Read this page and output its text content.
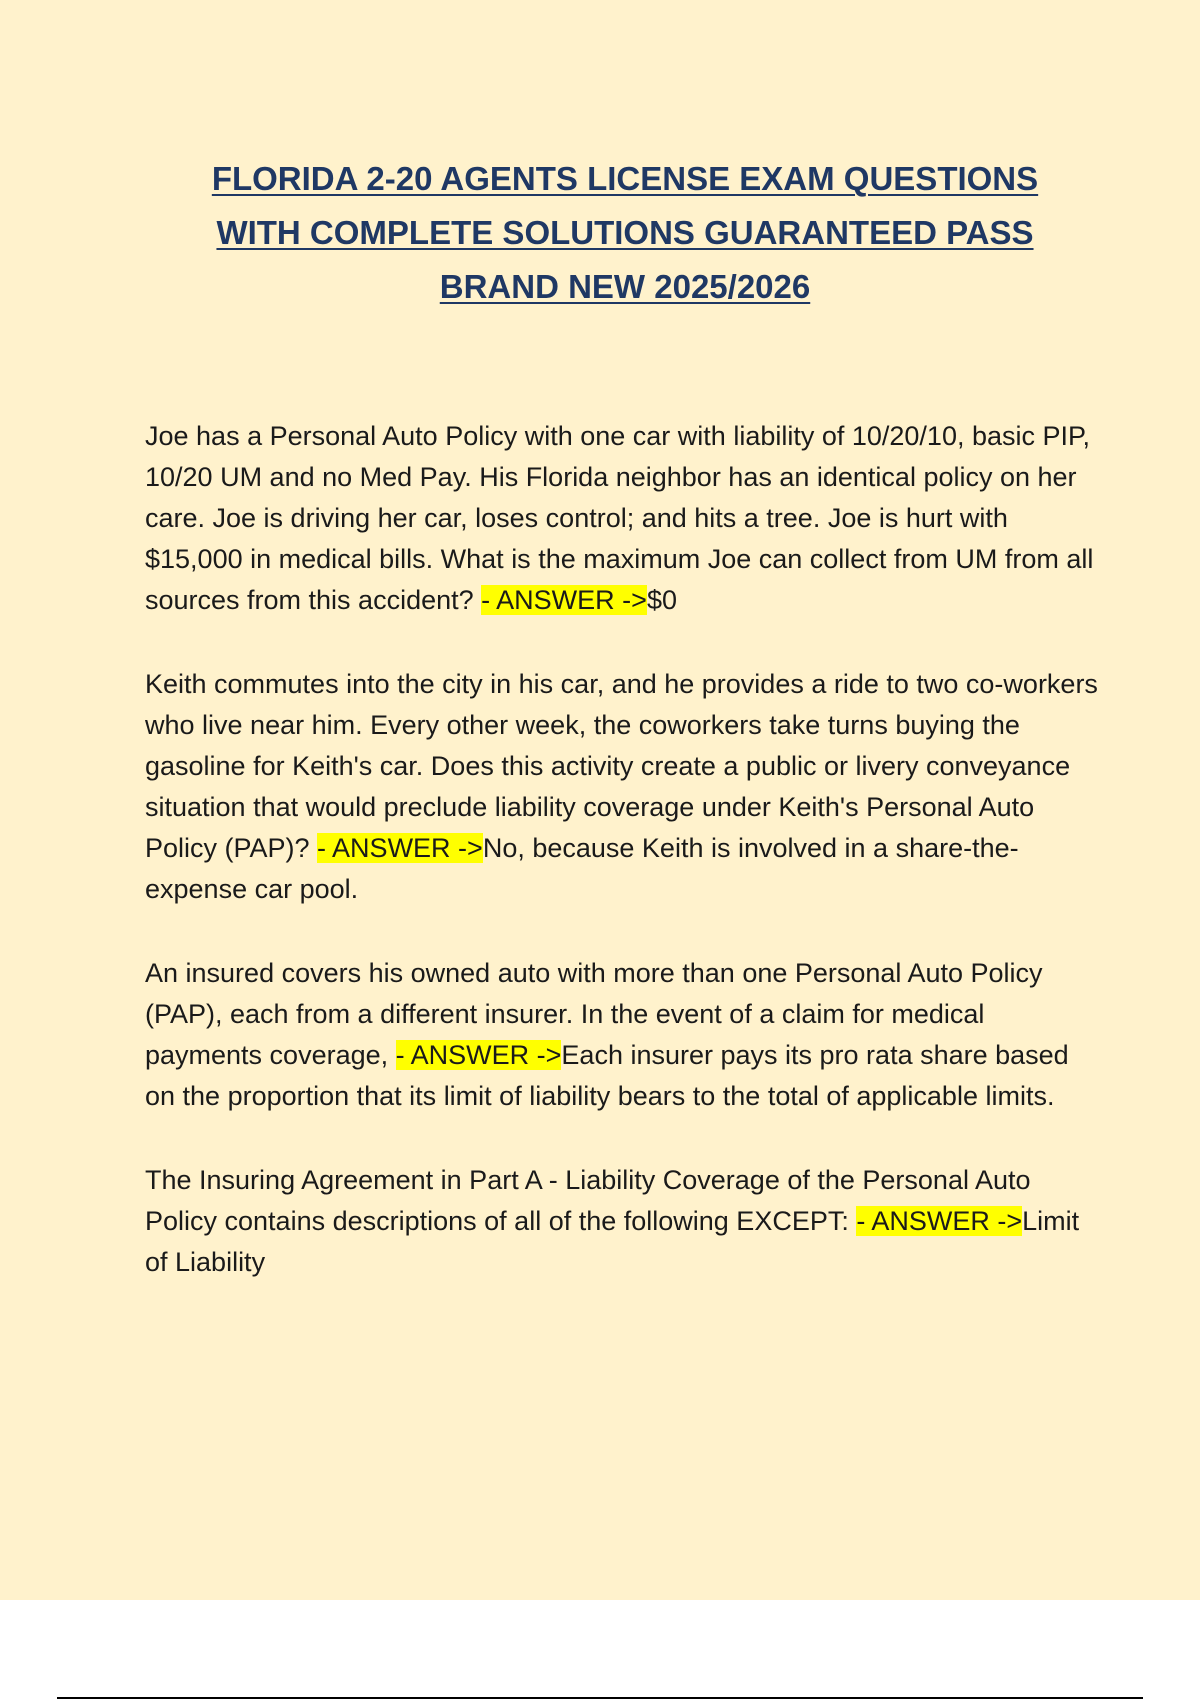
FLORIDA 2-20 AGENTS LICENSE EXAM QUESTIONS
WITH COMPLETE SOLUTIONS GUARANTEED PASS
BRAND NEW 2025/2026

Joe has a Personal Auto Policy with one car with liability of 10/20/10, basic PIP, 10/20 UM and no Med Pay. His Florida neighbor has an identical policy on her care. Joe is driving her car, loses control; and hits a tree. Joe is hurt with $15,000 in medical bills. What is the maximum Joe can collect from UM from all sources from this accident? - ANSWER ->$0

Keith commutes into the city in his car, and he provides a ride to two co-workers who live near him. Every other week, the coworkers take turns buying the gasoline for Keith's car. Does this activity create a public or livery conveyance situation that would preclude liability coverage under Keith's Personal Auto Policy (PAP)? - ANSWER ->No, because Keith is involved in a share-the-expense car pool.

An insured covers his owned auto with more than one Personal Auto Policy (PAP), each from a different insurer. In the event of a claim for medical payments coverage, - ANSWER ->Each insurer pays its pro rata share based on the proportion that its limit of liability bears to the total of applicable limits.

The Insuring Agreement in Part A - Liability Coverage of the Personal Auto Policy contains descriptions of all of the following EXCEPT: - ANSWER ->Limit of Liability
